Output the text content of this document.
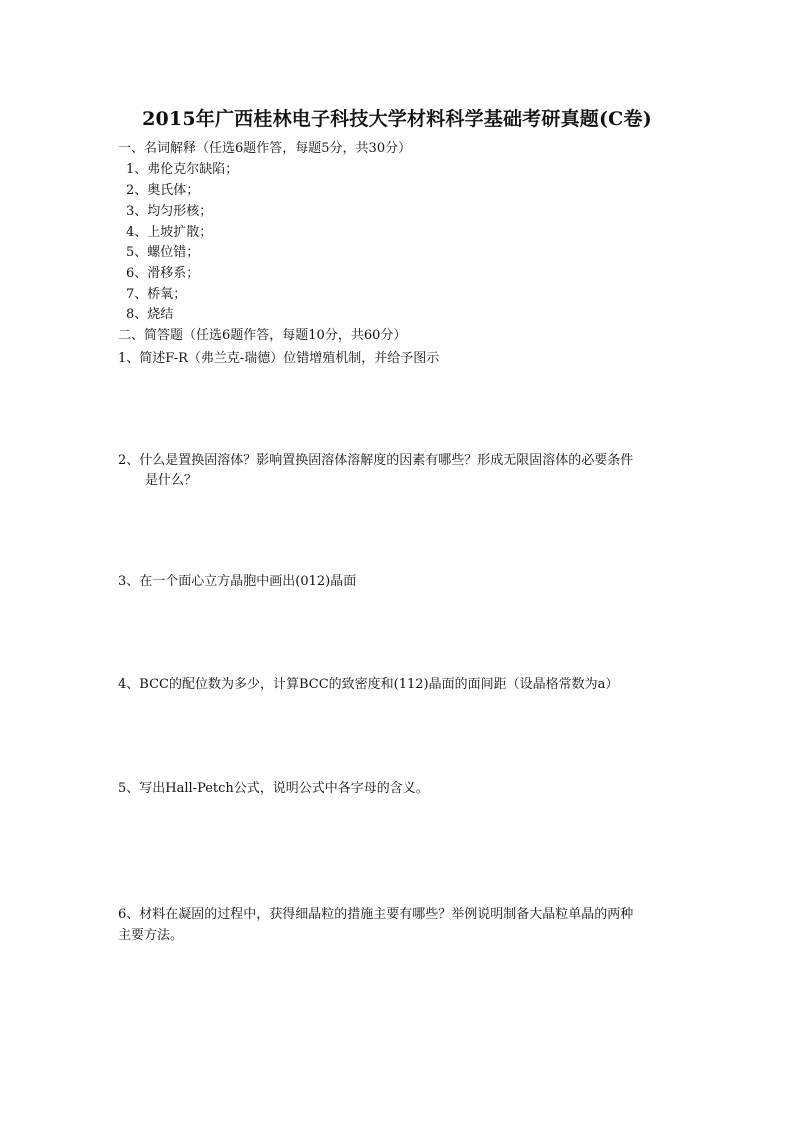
2015年广西桂林电子科技大学材料科学基础考研真题(C卷)
一、名词解释（任选6题作答，每题5分，共30分）
1、弗伦克尔缺陷；
2、奥氏体；
3、均匀形核；
4、上坡扩散；
5、螺位错；
6、滑移系；
7、桥氧；
8、烧结
二、简答题（任选6题作答，每题10分，共60分）
1、简述F-R（弗兰克-瑞德）位错增殖机制，并给予图示
2、什么是置换固溶体？影响置换固溶体溶解度的因素有哪些？形成无限固溶体的必要条件
是什么？
3、在一个面心立方晶胞中画出(012)晶面
4、BCC的配位数为多少，计算BCC的致密度和(112)晶面的面间距（设晶格常数为a）
5、写出Hall-Petch公式，说明公式中各字母的含义。
6、材料在凝固的过程中，获得细晶粒的措施主要有哪些？举例说明制备大晶粒单晶的两种
主要方法。
